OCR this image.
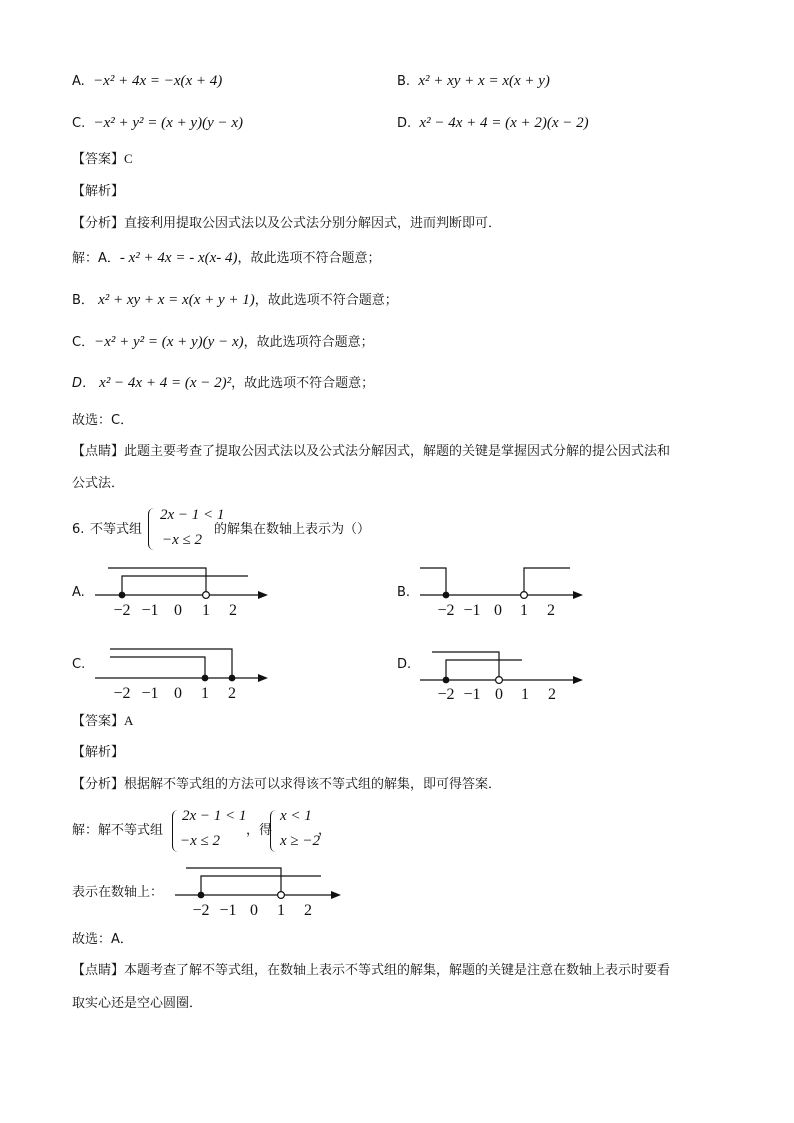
A. −x² + 4x = −x(x + 4)	B. x² + xy + x = x(x + y)
C. −x² + y² = (x + y)(y − x)	D. x² − 4x + 4 = (x + 2)(x − 2)
【答案】C
【解析】
【分析】直接利用提取公因式法以及公式法分别分解因式，进而判断即可．
解：A．- x² + 4x = - x(x- 4)，故此选项不符合题意；
B． x² + xy + x = x(x + y + 1)，故此选项不符合题意；
C．−x² + y² = (x + y)(y − x)，故此选项符合题意；
D． x² − 4x + 4 = (x − 2)²，故此选项不符合题意；
故选：C．
【点睛】此题主要考查了提取公因式法以及公式法分解因式，解题的关键是掌握因式分解的提公因式法和
公式法．
6. 不等式组
2x − 1 < 1
−x ≤ 2
的解集在数轴上表示为（）
A.	B.
C.	D.
−2 −1 0 1 2	−2 −1 0 1 2
−2 −1 0 1 2	−2 −1 0 1 2
【答案】A
【解析】
【分析】根据解不等式组的方法可以求得该不等式组的解集，即可得答案．
解：解不等式组
2x − 1 < 1
−x ≤ 2
，得
x < 1
x ≥ −2
，
表示在数轴上：
−2 −1 0 1 2
故选：A．
【点睛】本题考查了解不等式组，在数轴上表示不等式组的解集，解题的关键是注意在数轴上表示时要看
取实心还是空心圆圈．
